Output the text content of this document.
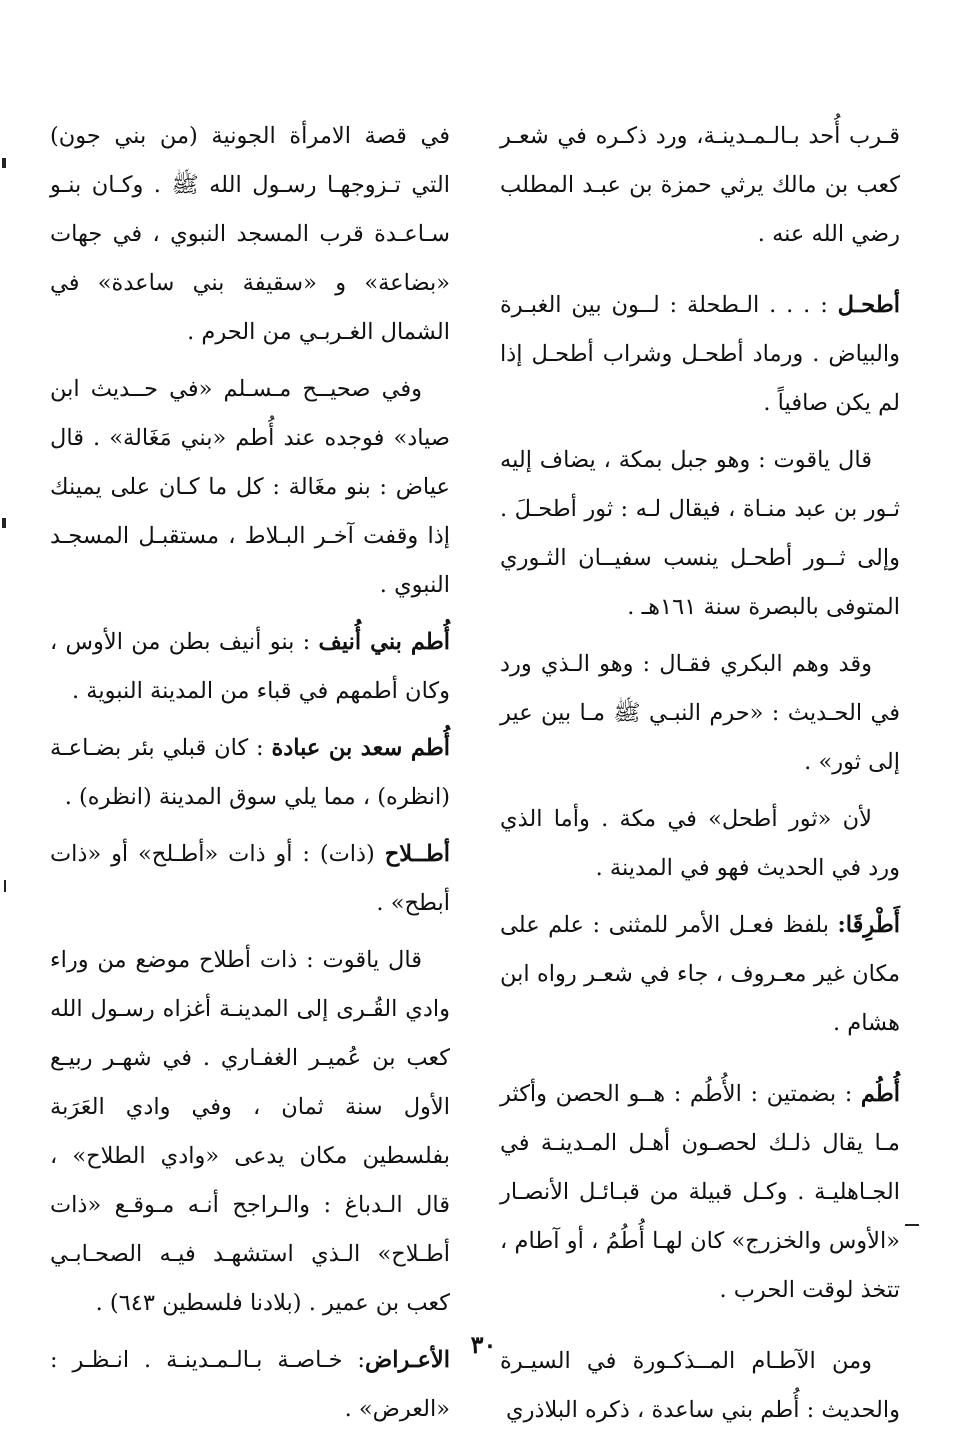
قـرب أُحد بـالـمـدينـة، ورد ذكـره في شعـر كعب بن مالك يرثي حمزة بن عبـد المطلب رضي الله عنه .

أطحـل : . . . الـطحلة : لــون بين الغبـرة والبياض . ورماد أطحـل وشراب أطحـل إذا لم يكن صافياً .

قال ياقوت : وهو جبل بمكة ، يضاف إليه ثـور بن عبد منـاة ، فيقال لـه : ثور أطحـلَ . وإلى ثــور أطحـل ينسب سفيــان الثـوري المتوفى بالبصرة سنة ١٦١هـ .

وقد وهم البكري فقـال : وهو الـذي ورد في الحـديث : «حرم النبـي ﷺ مـا بين عير إلى ثور» .

لأن «ثور أطحل» في مكة . وأما الذي ورد في الحديث فهو في المدينة .

أَطْرِقَا: بلفظ فعـل الأمر للمثنى : علم على مكان غير معـروف ، جاء في شعـر رواه ابن هشام .

أُطُم : بضمتين : الأُطُم : هــو الحصن وأكثر مـا يقال ذلـك لحصـون أهـل المـدينـة في الجـاهليـة . وكـل قبيلة من قبـائـل الأنصـار «الأوس والخزرج» كان لهـا أُطُمُ ، أو آطام ، تتخذ لوقت الحرب .

ومن الآطـام المــذكـورة في السيـرة والحديث : أُطم بني ساعدة ، ذكره البلاذري

في قصة الامرأة الجونية (من بني جون) التي تـزوجهـا رسـول الله ﷺ . وكـان بنـو سـاعـدة قرب المسجد النبوي ، في جهات «بضاعة» و «سقيفة بني ساعدة» في الشمال الغـربـي من الحرم .

وفي صحيــح مـسـلم «في حــديث ابن صياد» فوجده عند أُطم «بني مَغَالة» . قال عياض : بنو مغَالة : كل ما كـان على يمينك إذا وقفت آخـر البـلاط ، مستقبـل المسجـد النبوي .

أُطم بني أُنيف : بنو أنيف بطن من الأوس ، وكان أطمهم في قباء من المدينة النبوية .

أُطم سعد بن عبادة : كان قبلي بئر بضـاعـة (انظره) ، مما يلي سوق المدينة (انظره) .

أطــلاح (ذات) : أو ذات «أطـلح» أو «ذات أبطح» .

قال ياقوت : ذات أطلاح موضع من وراء وادي القُـرى إلى المدينـة أغزاه رسـول الله كعب بن عُميـر الغفـاري . في شهـر ربيـع الأول سنة ثمان ، وفي وادي العَرَبة بفلسطين مكان يدعى «وادي الطلاح» ، قال الـدباغ : والـراجح أنـه مـوقـع «ذات أطـلاح» الـذي استشهـد فيـه الصحـابـي كعب بن عمير . (بلادنا فلسطين ٦٤٣) .

الأعـراض: خـاصـة بـالـمـدينـة . انـظـر : «العرض» .

٣٠
